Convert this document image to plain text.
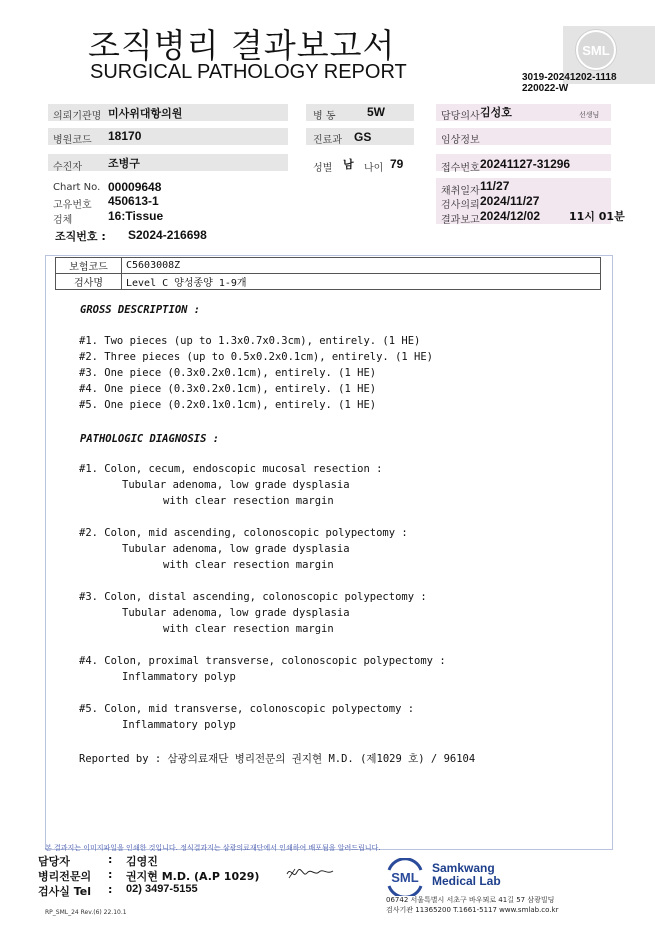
조직병리 결과보고서
SURGICAL PATHOLOGY REPORT
SML
3019-20241202-1118
220022-W
의뢰기관명 미사위대항의원	병 동	5W	담당의사 김성호	선생님
병원코드 18170	진료과 GS	임상정보
수진자 조병구	성별 남 나이 79	접수번호 20241127-31296
Chart No. 00009648
고유번호 450613-1
검체	16:Tissue
채취일자 11/27
검사의뢰 2024/11/27
결과보고 2024/12/02	11시 01분
조직번호 : S2024-216698
보험코드	C5603008Z
검사명	Level C 양성종양 1-9개
GROSS DESCRIPTION :
#1. Two pieces (up to 1.3x0.7x0.3cm), entirely. (1 HE)
#2. Three pieces (up to 0.5x0.2x0.1cm), entirely. (1 HE)
#3. One piece (0.3x0.2x0.1cm), entirely. (1 HE)
#4. One piece (0.3x0.2x0.1cm), entirely. (1 HE)
#5. One piece (0.2x0.1x0.1cm), entirely. (1 HE)
PATHOLOGIC DIAGNOSIS :
#1. Colon, cecum, endoscopic mucosal resection :
Tubular adenoma, low grade dysplasia
with clear resection margin
#2. Colon, mid ascending, colonoscopic polypectomy :
Tubular adenoma, low grade dysplasia
with clear resection margin
#3. Colon, distal ascending, colonoscopic polypectomy :
Tubular adenoma, low grade dysplasia
with clear resection margin
#4. Colon, proximal transverse, colonoscopic polypectomy :
Inflammatory polyp
#5. Colon, mid transverse, colonoscopic polypectomy :
Inflammatory polyp
Reported by : 삼광의료재단 병리전문의 권지현 M.D. (제1029 호) / 96104
본 결과지는 이미지파일을 인쇄한 것입니다. 정식결과지는 삼광의료재단에서 인쇄하여 배포됨을 알려드립니다.
담당자	: 김영진
병리전문의 : 권지현 M.D. (A.P 1029)
검사실 Tel : 02) 3497-5155
SML
Samkwang
Medical Lab
06742 서울특별시 서초구 바우뫼로 41길 57 삼광빌딩
검사기관 11365200 T.1661-5117 www.smlab.co.kr
RP_SML_24 Rev.(6) 22.10.1
